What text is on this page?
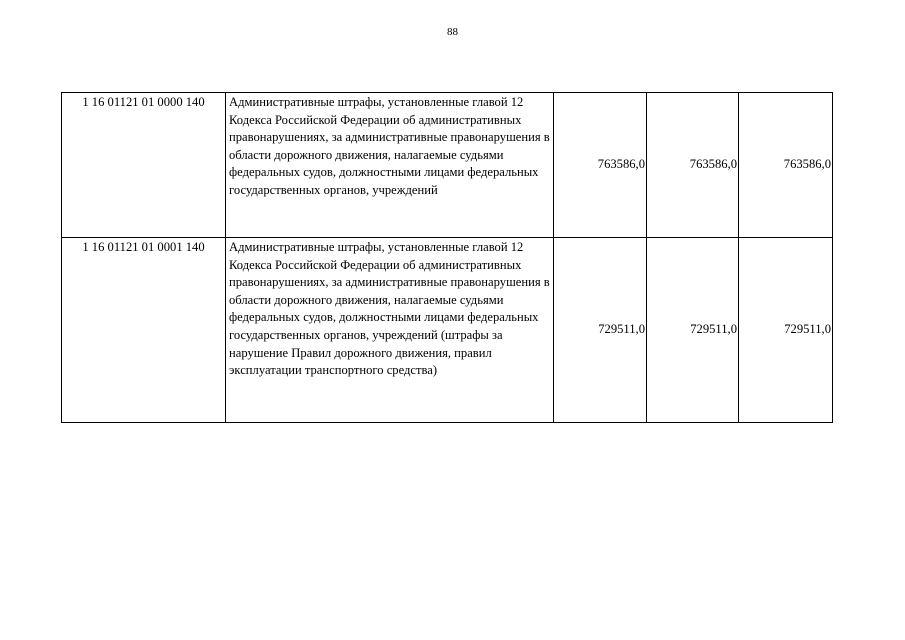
88
1 16 01121 01 0000 140	Административные штрафы, установленные главой 12 Кодекса Российской Федерации об административных правонарушениях, за административные правонарушения в области дорожного движения, налагаемые судьями федеральных судов, должностными лицами федеральных государственных органов, учреждений	763586,0	763586,0	763586,0
1 16 01121 01 0001 140	Административные штрафы, установленные главой 12 Кодекса Российской Федерации об административных правонарушениях, за административные правонарушения в области дорожного движения, налагаемые судьями федеральных судов, должностными лицами федеральных государственных органов, учреждений (штрафы за нарушение Правил дорожного движения, правил эксплуатации транспортного средства)	729511,0	729511,0	729511,0
